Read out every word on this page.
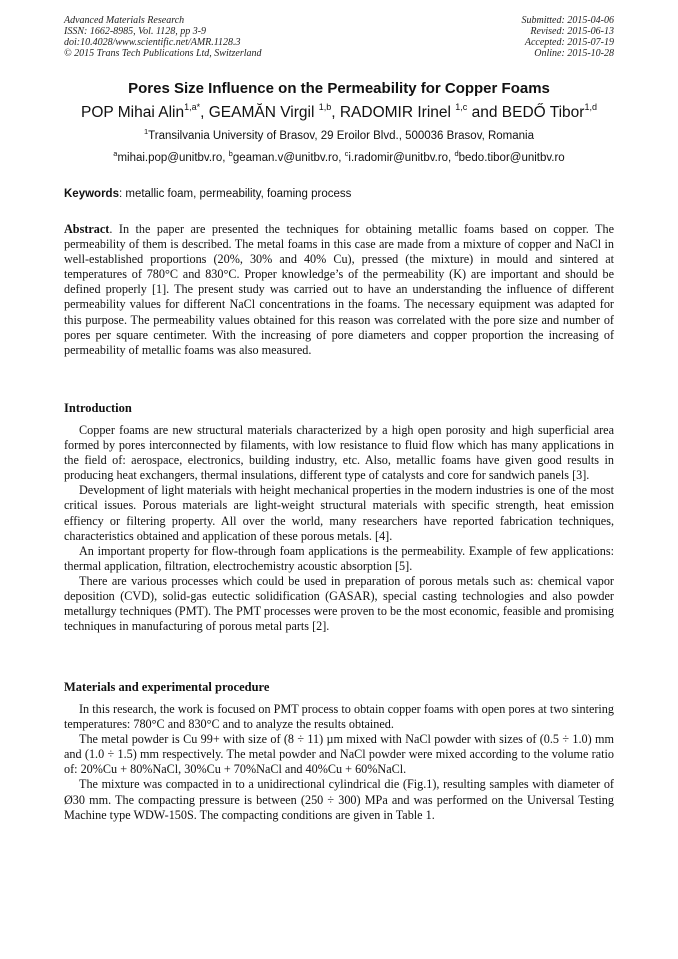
Advanced Materials Research
ISSN: 1662-8985, Vol. 1128, pp 3-9
doi:10.4028/www.scientific.net/AMR.1128.3
© 2015 Trans Tech Publications Ltd, Switzerland
Submitted: 2015-04-06
Revised: 2015-06-13
Accepted: 2015-07-19
Online: 2015-10-28
Pores Size Influence on the Permeability for Copper Foams
POP Mihai Alin$^{1,a*}$, GEAMĂN Virgil $^{1,b}$, RADOMIR Irinel $^{1,c}$ and BEDŐ Tibor$^{1,d}$
$^1$Transilvania University of Brasov, 29 Eroilor Blvd., 500036 Brasov, Romania
$^a$mihai.pop@unitbv.ro, $^b$geaman.v@unitbv.ro, $^c$i.radomir@unitbv.ro, $^d$bedo.tibor@unitbv.ro
Keywords: metallic foam, permeability, foaming process

Abstract. In the paper are presented the techniques for obtaining metallic foams based on copper. The permeability of them is described. The metal foams in this case are made from a mixture of copper and NaCl in well-established proportions (20%, 30% and 40% Cu), pressed (the mixture) in mould and sintered at temperatures of 780°C and 830°C. Proper knowledge’s of the permeability (K) are important and should be defined properly [1]. The present study was carried out to have an understanding the influence of different permeability values for different NaCl concentrations in the foams. The necessary equipment was adapted for this purpose. The permeability values obtained for this reason was correlated with the pore size and number of pores per square centimeter. With the increasing of pore diameters and copper proportion the increasing of permeability of metallic foams was also measured.

Introduction

Copper foams are new structural materials characterized by a high open porosity and high superficial area formed by pores interconnected by filaments, with low resistance to fluid flow which has many applications in the field of: aerospace, electronics, building industry, etc. Also, metallic foams have given good results in producing heat exchangers, thermal insulations, different type of catalysts and core for sandwich panels [3].

Development of light materials with height mechanical properties in the modern industries is one of the most critical issues. Porous materials are light-weight structural materials with specific strength, heat emission effiency or filtering property. All over the world, many researchers have reported fabrication techniques, characteristics obtained and application of these porous metals. [4].

An important property for flow-through foam applications is the permeability. Example of few applications: thermal application, filtration, electrochemistry acoustic absorption [5].

There are various processes which could be used in preparation of porous metals such as: chemical vapor deposition (CVD), solid-gas eutectic solidification (GASAR), special casting technologies and also powder metallurgy techniques (PMT). The PMT processes were proven to be the most economic, feasible and promising techniques in manufacturing of porous metal parts [2].

Materials and experimental procedure

In this research, the work is focused on PMT process to obtain copper foams with open pores at two sintering temperatures: 780°C and 830°C and to analyze the results obtained.

The metal powder is Cu 99+ with size of (8 ÷ 11) µm mixed with NaCl powder with sizes of (0.5 ÷ 1.0) mm and (1.0 ÷ 1.5) mm respectively. The metal powder and NaCl powder were mixed according to the volume ratio of: 20%Cu + 80%NaCl, 30%Cu + 70%NaCl and 40%Cu + 60%NaCl.

The mixture was compacted in to a unidirectional cylindrical die (Fig.1), resulting samples with diameter of Ø30 mm. The compacting pressure is between (250 ÷ 300) MPa and was performed on the Universal Testing Machine type WDW-150S. The compacting conditions are given in Table 1.
